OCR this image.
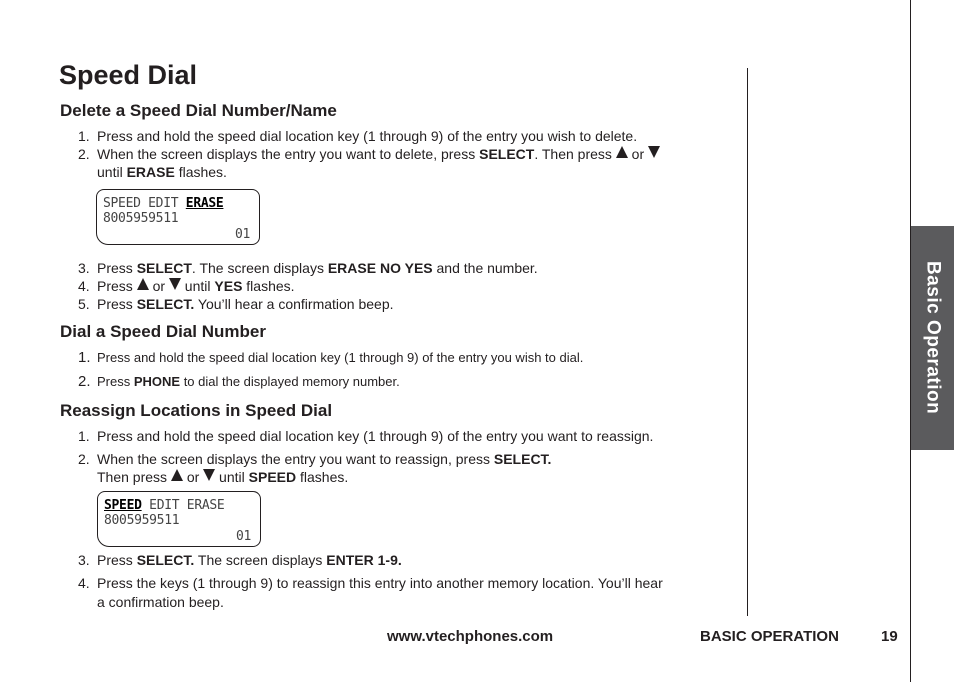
Basic Operation
Speed Dial
Delete a Speed Dial Number/Name
1. Press and hold the speed dial location key (1 through 9) of the entry you wish to delete.
2. When the screen displays the entry you want to delete, press SELECT. Then press  or
until ERASE flashes.
SPEED EDIT ERASE
8005959511
01
3. Press SELECT. The screen displays ERASE NO YES and the number.
4. Press  or  until YES flashes.
5. Press SELECT. You’ll hear a confirmation beep.
Dial a Speed Dial Number
1. Press and hold the speed dial location key (1 through 9) of the entry you wish to dial.
2. Press PHONE to dial the displayed memory number.
Reassign Locations in Speed Dial
1. Press and hold the speed dial location key (1 through 9) of the entry you want to reassign.
2. When the screen displays the entry you want to reassign, press SELECT.
Then press  or  until SPEED flashes.
SPEED EDIT ERASE
8005959511
01
3. Press SELECT. The screen displays ENTER 1-9.
4. Press the keys (1 through 9) to reassign this entry into another memory location. You’ll hear
a confirmation beep.
www.vtechphones.com	BASIC OPERATION	19
